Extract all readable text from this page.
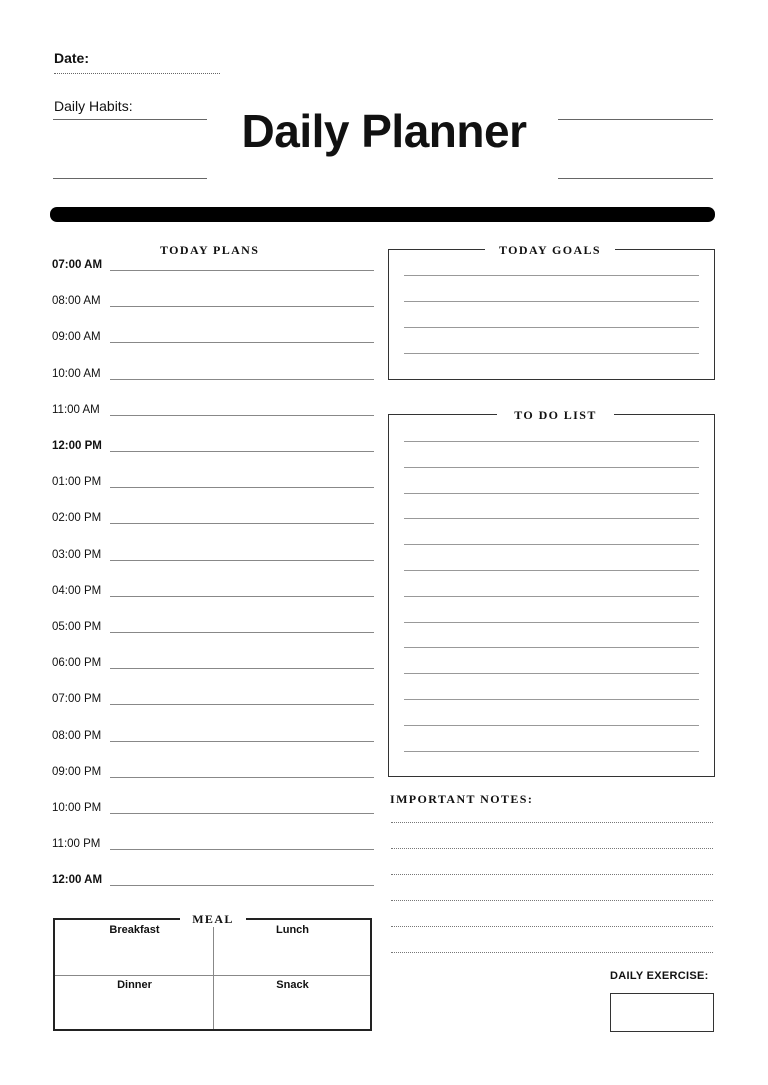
Date:
Daily Habits:	Daily Planner
TODAY PLANS
07:00 AM
08:00 AM
09:00 AM
10:00 AM
11:00 AM
12:00 PM
01:00 PM
02:00 PM
03:00 PM
04:00 PM
05:00 PM
06:00 PM
07:00 PM
08:00 PM
09:00 PM
10:00 PM
11:00 PM
12:00 AM
TODAY GOALS
TO DO LIST
IMPORTANT NOTES:
Breakfast	Lunch
Dinner	Snack
MEAL
DAILY EXERCISE:
